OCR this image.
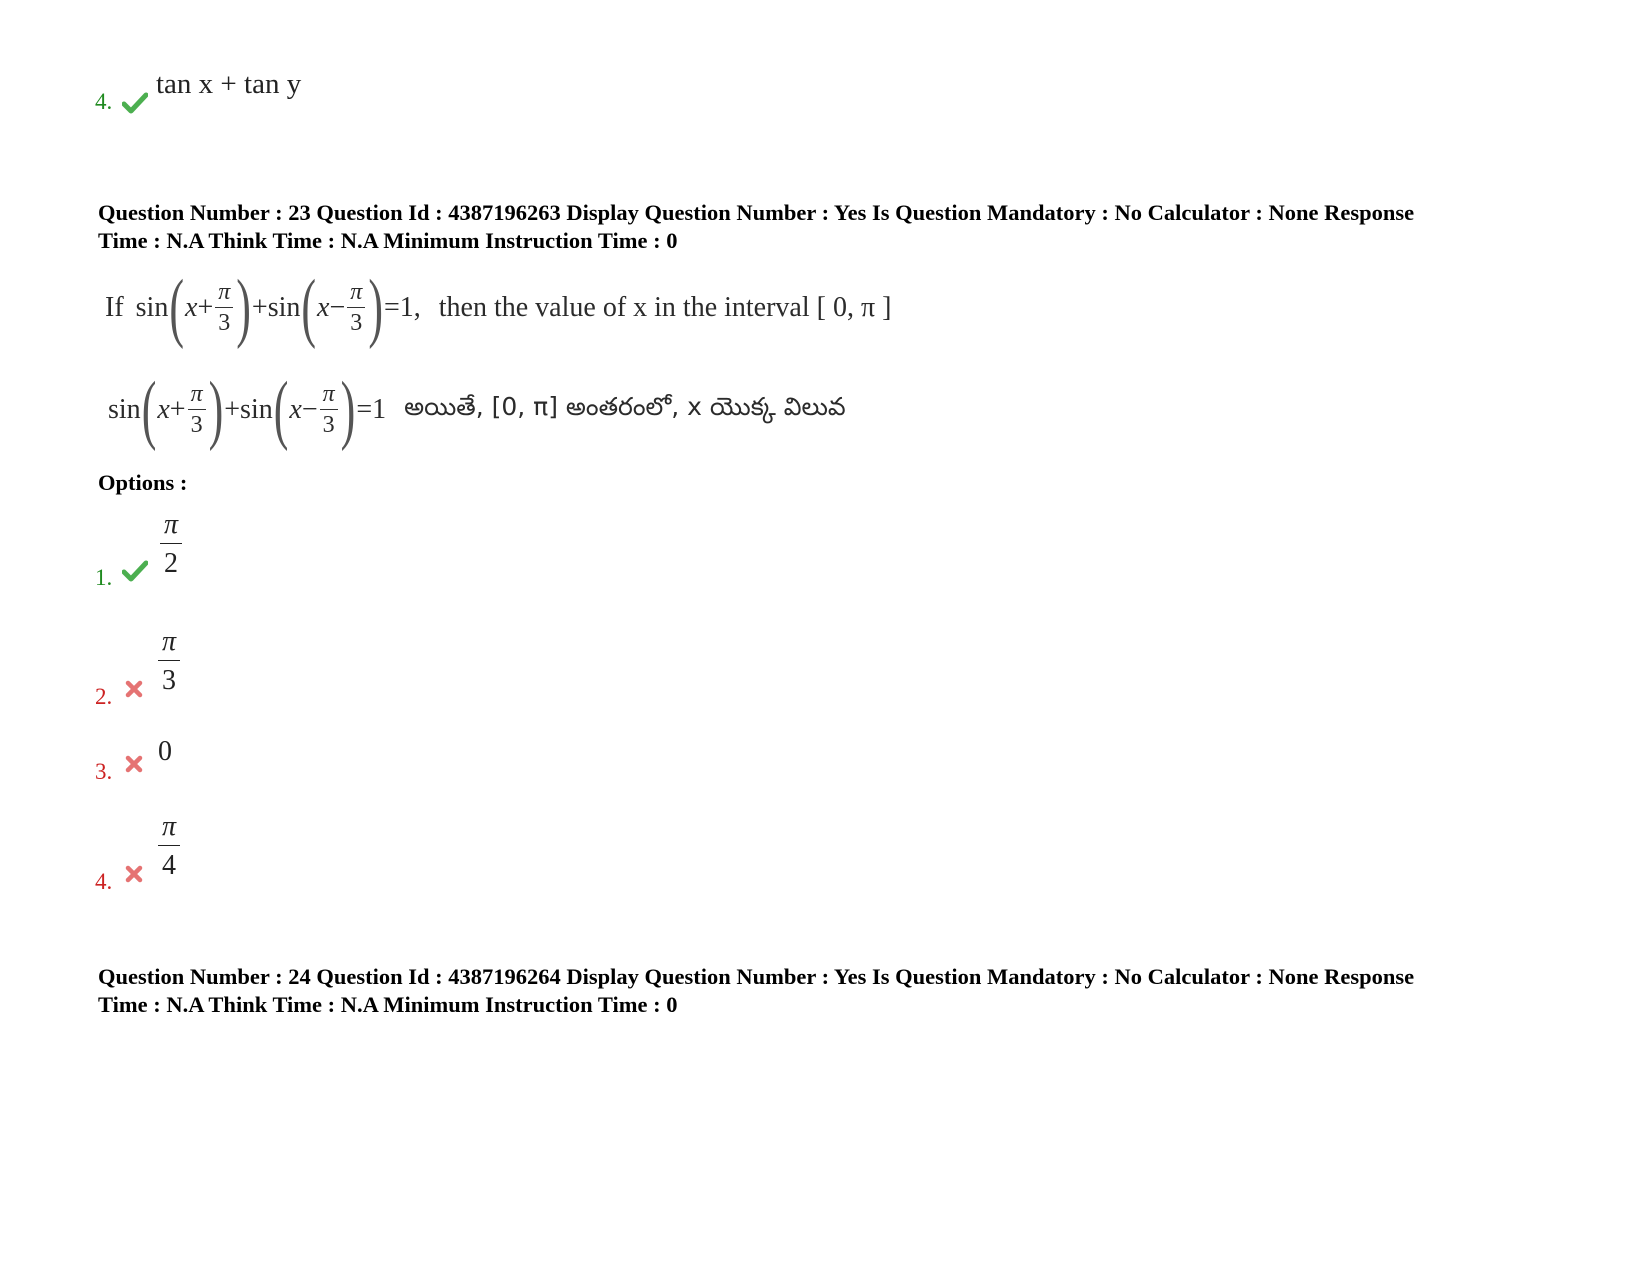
4.
tan x + tan y
Question Number : 23 Question Id : 4387196263 Display Question Number : Yes Is Question Mandatory : No Calculator : None Response
Time : N.A Think Time : N.A Minimum Instruction Time : 0
If sin ( $x + \frac{\pi}{3}$ ) +sin ( $x - \frac{\pi}{3}$ ) =1, then the value of x in the interval [ 0, π ]
sin ( $x + \frac{\pi}{3}$ ) +sin ( $x - \frac{\pi}{3}$ ) =1 అయితే, [0, π] అంతరంలో, x యొక్క విలువ
Options :
1. $\frac{\pi}{2}$
2.
$\frac{\pi}{3}$
3.
0
4.
$\frac{\pi}{4}$
Question Number : 24 Question Id : 4387196264 Display Question Number : Yes Is Question Mandatory : No Calculator : None Response
Time : N.A Think Time : N.A Minimum Instruction Time : 0
